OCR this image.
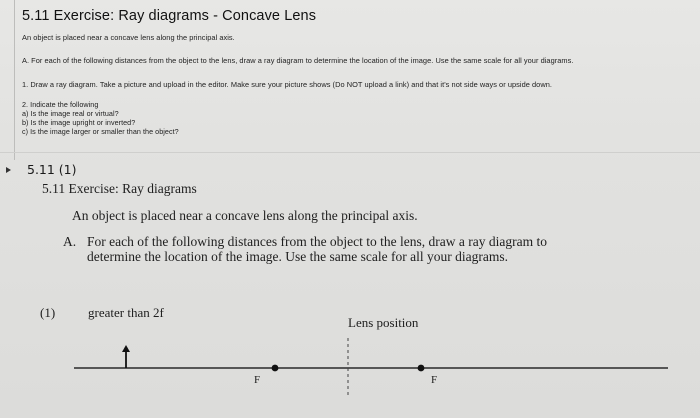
5.11 Exercise: Ray diagrams - Concave Lens
An object is placed near a concave lens along the principal axis.
A. For each of the following distances from the object to the lens, draw a ray diagram to determine the location of the image. Use the same scale for all your diagrams.
1. Draw a ray diagram. Take a picture and upload in the editor. Make sure your picture shows (Do NOT upload a link) and that it's not side ways or upside down.
2. Indicate the following
a) Is the image real or virtual?
b) Is the image upright or inverted?
c) Is the image larger or smaller than the object?
5.11 (1)
5.11 Exercise: Ray diagrams
An object is placed near a concave lens along the principal axis.
A. For each of the following distances from the object to the lens, draw a ray diagram to
determine the location of the image. Use the same scale for all your diagrams.
(1)	greater than 2f
Lens position
F	F
